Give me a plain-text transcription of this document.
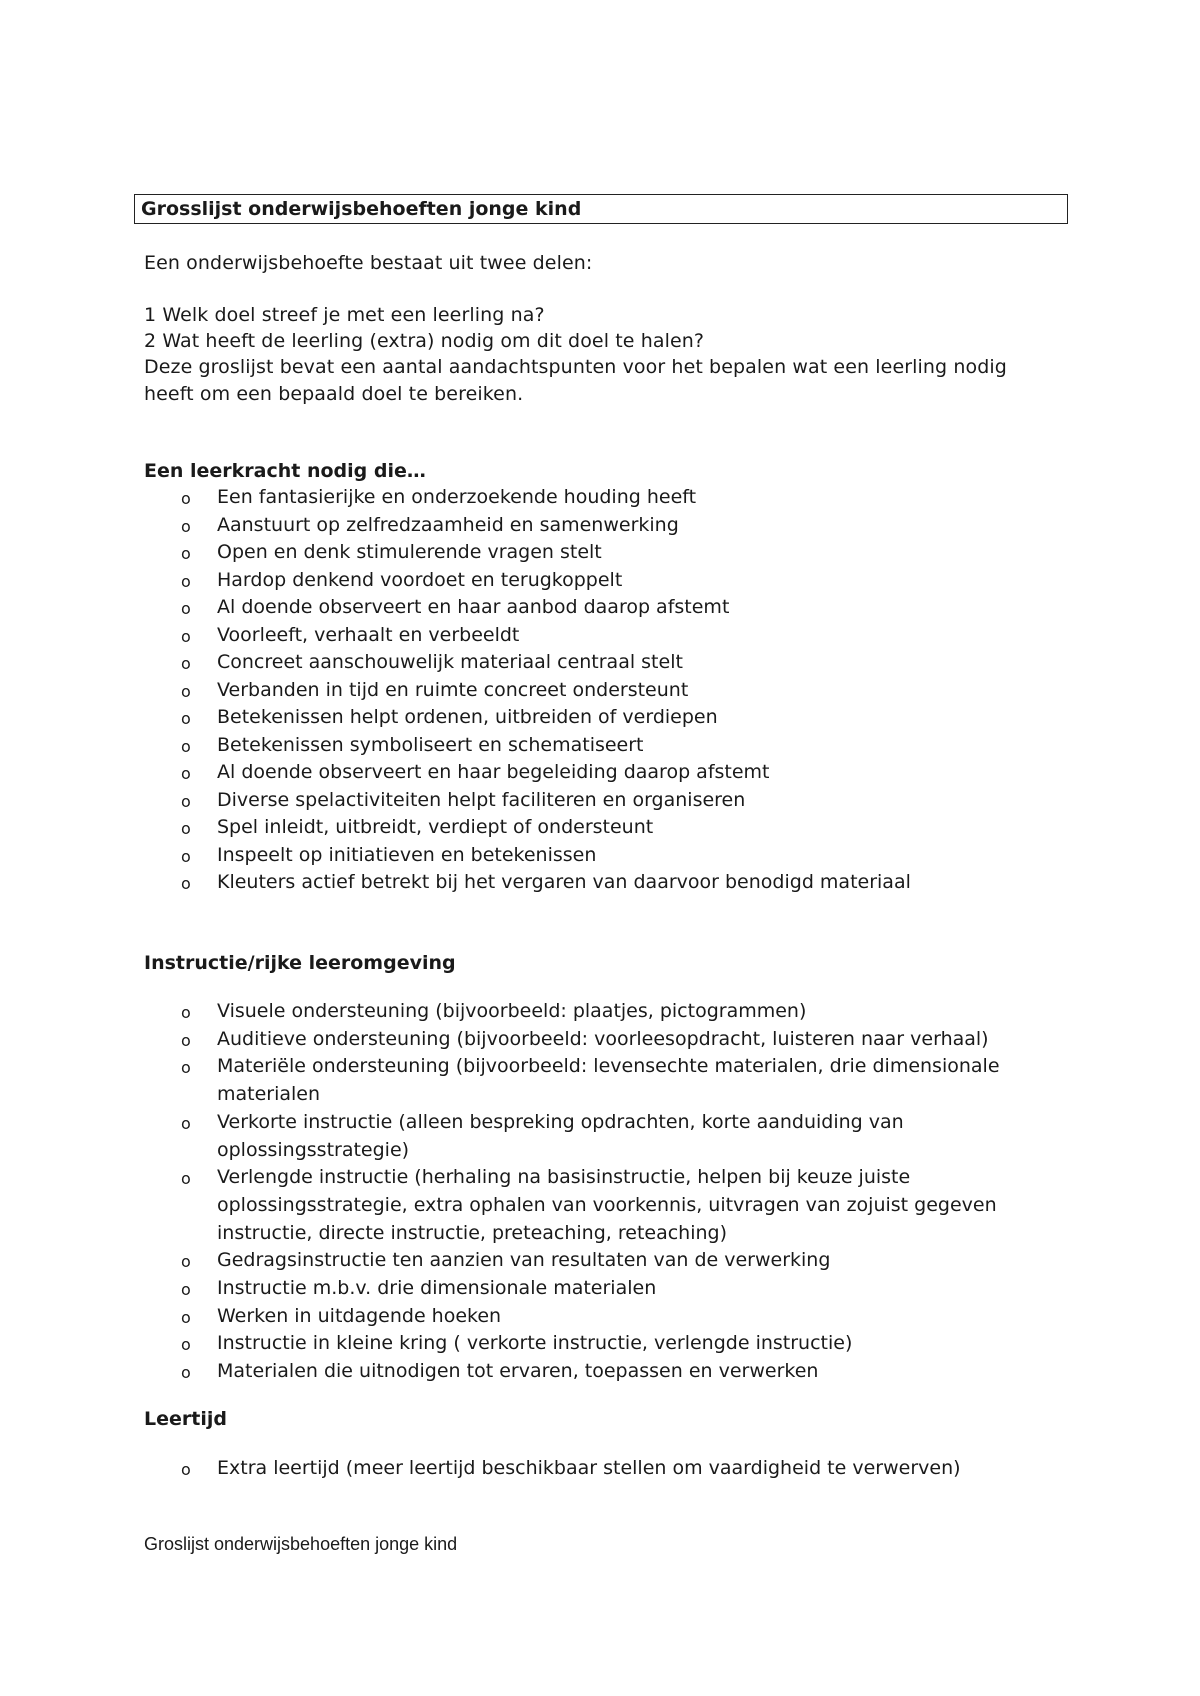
Grosslijst onderwijsbehoeften jonge kind
Een onderwijsbehoefte bestaat uit twee delen:
1 Welk doel streef je met een leerling na?
2 Wat heeft de leerling (extra) nodig om dit doel te halen?
Deze groslijst bevat een aantal aandachtspunten voor het bepalen wat een leerling nodig heeft om een bepaald doel te bereiken.
Een leerkracht nodig die…
o Een fantasierijke en onderzoekende houding heeft
o Aanstuurt op zelfredzaamheid en samenwerking
o Open en denk stimulerende vragen stelt
o Hardop denkend voordoet en terugkoppelt
o Al doende observeert en haar aanbod daarop afstemt
o Voorleeft, verhaalt en verbeeldt
o Concreet aanschouwelijk materiaal centraal stelt
o Verbanden in tijd en ruimte concreet ondersteunt
o Betekenissen helpt ordenen, uitbreiden of verdiepen
o Betekenissen symboliseert en schematiseert
o Al doende observeert en haar begeleiding daarop afstemt
o Diverse spelactiviteiten helpt faciliteren en organiseren
o Spel inleidt, uitbreidt, verdiept of ondersteunt
o Inspeelt op initiatieven en betekenissen
o Kleuters actief betrekt bij het vergaren van daarvoor benodigd materiaal
Instructie/rijke leeromgeving
o Visuele ondersteuning (bijvoorbeeld: plaatjes, pictogrammen)
o Auditieve ondersteuning (bijvoorbeeld: voorleesopdracht, luisteren naar verhaal)
o Materiële ondersteuning (bijvoorbeeld: levensechte materialen, drie dimensionale materialen
o Verkorte instructie (alleen bespreking opdrachten, korte aanduiding van oplossingsstrategie)
o Verlengde instructie (herhaling na basisinstructie, helpen bij keuze juiste oplossingsstrategie, extra ophalen van voorkennis, uitvragen van zojuist gegeven instructie, directe instructie, preteaching, reteaching)
o Gedragsinstructie ten aanzien van resultaten van de verwerking
o Instructie m.b.v. drie dimensionale materialen
o Werken in uitdagende hoeken
o Instructie in kleine kring ( verkorte instructie, verlengde instructie)
o Materialen die uitnodigen tot ervaren, toepassen en verwerken
Leertijd
o Extra leertijd (meer leertijd beschikbaar stellen om vaardigheid te verwerven)
Groslijst onderwijsbehoeften jonge kind
